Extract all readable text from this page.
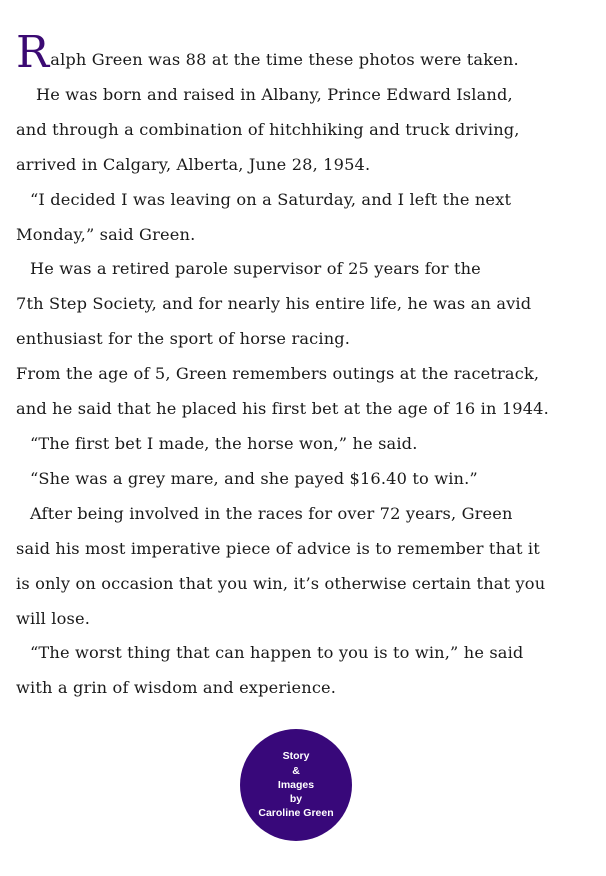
Ralph Green was 88 at the time these photos were taken.
He was born and raised in Albany, Prince Edward Island,
and through a combination of hitchhiking and truck driving,
arrived in Calgary, Alberta, June 28, 1954.
“I decided I was leaving on a Saturday, and I left the next
Monday,” said Green.
He was a retired parole supervisor of 25 years for the
7th Step Society, and for nearly his entire life, he was an avid
enthusiast for the sport of horse racing.
From the age of 5, Green remembers outings at the racetrack,
and he said that he placed his first bet at the age of 16 in 1944.
“The first bet I made, the horse won,” he said.
“She was a grey mare, and she payed $16.40 to win.”
After being involved in the races for over 72 years, Green
said his most imperative piece of advice is to remember that it
is only on occasion that you win, it’s otherwise certain that you
will lose.
“The worst thing that can happen to you is to win,” he said
with a grin of wisdom and experience.
Story
&
Images
by
Caroline Green
